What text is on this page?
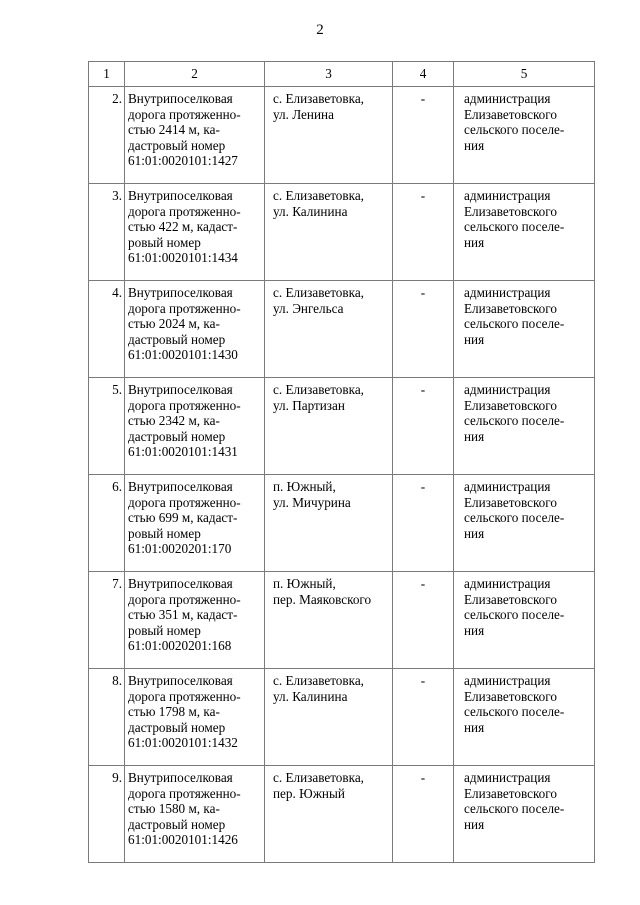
2
1	2	3	4	5
2.	Внутрипоселковая
дорога протяженно-
стью 2414 м, ка-
дастровый номер
61:01:0020101:1427	с. Елизаветовка,
ул. Ленина	-	администрация
Елизаветовского
сельского поселе-
ния
3.	Внутрипоселковая
дорога протяженно-
стью 422 м, кадаст-
ровый номер
61:01:0020101:1434	с. Елизаветовка,
ул. Калинина	-	администрация
Елизаветовского
сельского поселе-
ния
4.	Внутрипоселковая
дорога протяженно-
стью 2024 м, ка-
дастровый номер
61:01:0020101:1430	с. Елизаветовка,
ул. Энгельса	-	администрация
Елизаветовского
сельского поселе-
ния
5.	Внутрипоселковая
дорога протяженно-
стью 2342 м, ка-
дастровый номер
61:01:0020101:1431	с. Елизаветовка,
ул. Партизан	-	администрация
Елизаветовского
сельского поселе-
ния
6.	Внутрипоселковая
дорога протяженно-
стью 699 м, кадаст-
ровый номер
61:01:0020201:170	п. Южный,
ул. Мичурина	-	администрация
Елизаветовского
сельского поселе-
ния
7.	Внутрипоселковая
дорога протяженно-
стью 351 м, кадаст-
ровый номер
61:01:0020201:168	п. Южный,
пер. Маяковского	-	администрация
Елизаветовского
сельского поселе-
ния
8.	Внутрипоселковая
дорога протяженно-
стью 1798 м, ка-
дастровый номер
61:01:0020101:1432	с. Елизаветовка,
ул. Калинина	-	администрация
Елизаветовского
сельского поселе-
ния
9.	Внутрипоселковая
дорога протяженно-
стью 1580 м, ка-
дастровый номер
61:01:0020101:1426	с. Елизаветовка,
пер. Южный	-	администрация
Елизаветовского
сельского поселе-
ния
